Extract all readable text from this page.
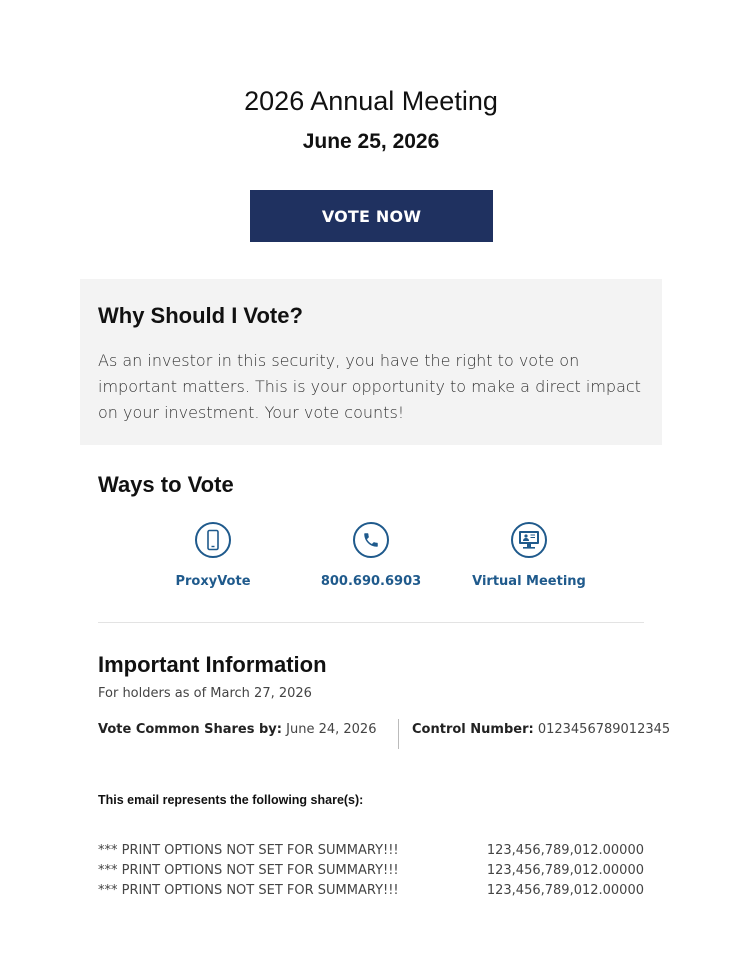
2026 Annual Meeting
June 25, 2026
VOTE NOW
Why Should I Vote?

As an investor in this security, you have the right to vote on important matters. This is your opportunity to make a direct impact on your investment. Your vote counts!

Ways to Vote
ProxyVote	800.690.6903	Virtual Meeting
Important Information
For holders as of March 27, 2026
Vote Common Shares by: June 24, 2026	Control Number: 0123456789012345
This email represents the following share(s):
*** PRINT OPTIONS NOT SET FOR SUMMARY!!!	123,456,789,012.00000
*** PRINT OPTIONS NOT SET FOR SUMMARY!!!	123,456,789,012.00000
*** PRINT OPTIONS NOT SET FOR SUMMARY!!!	123,456,789,012.00000
